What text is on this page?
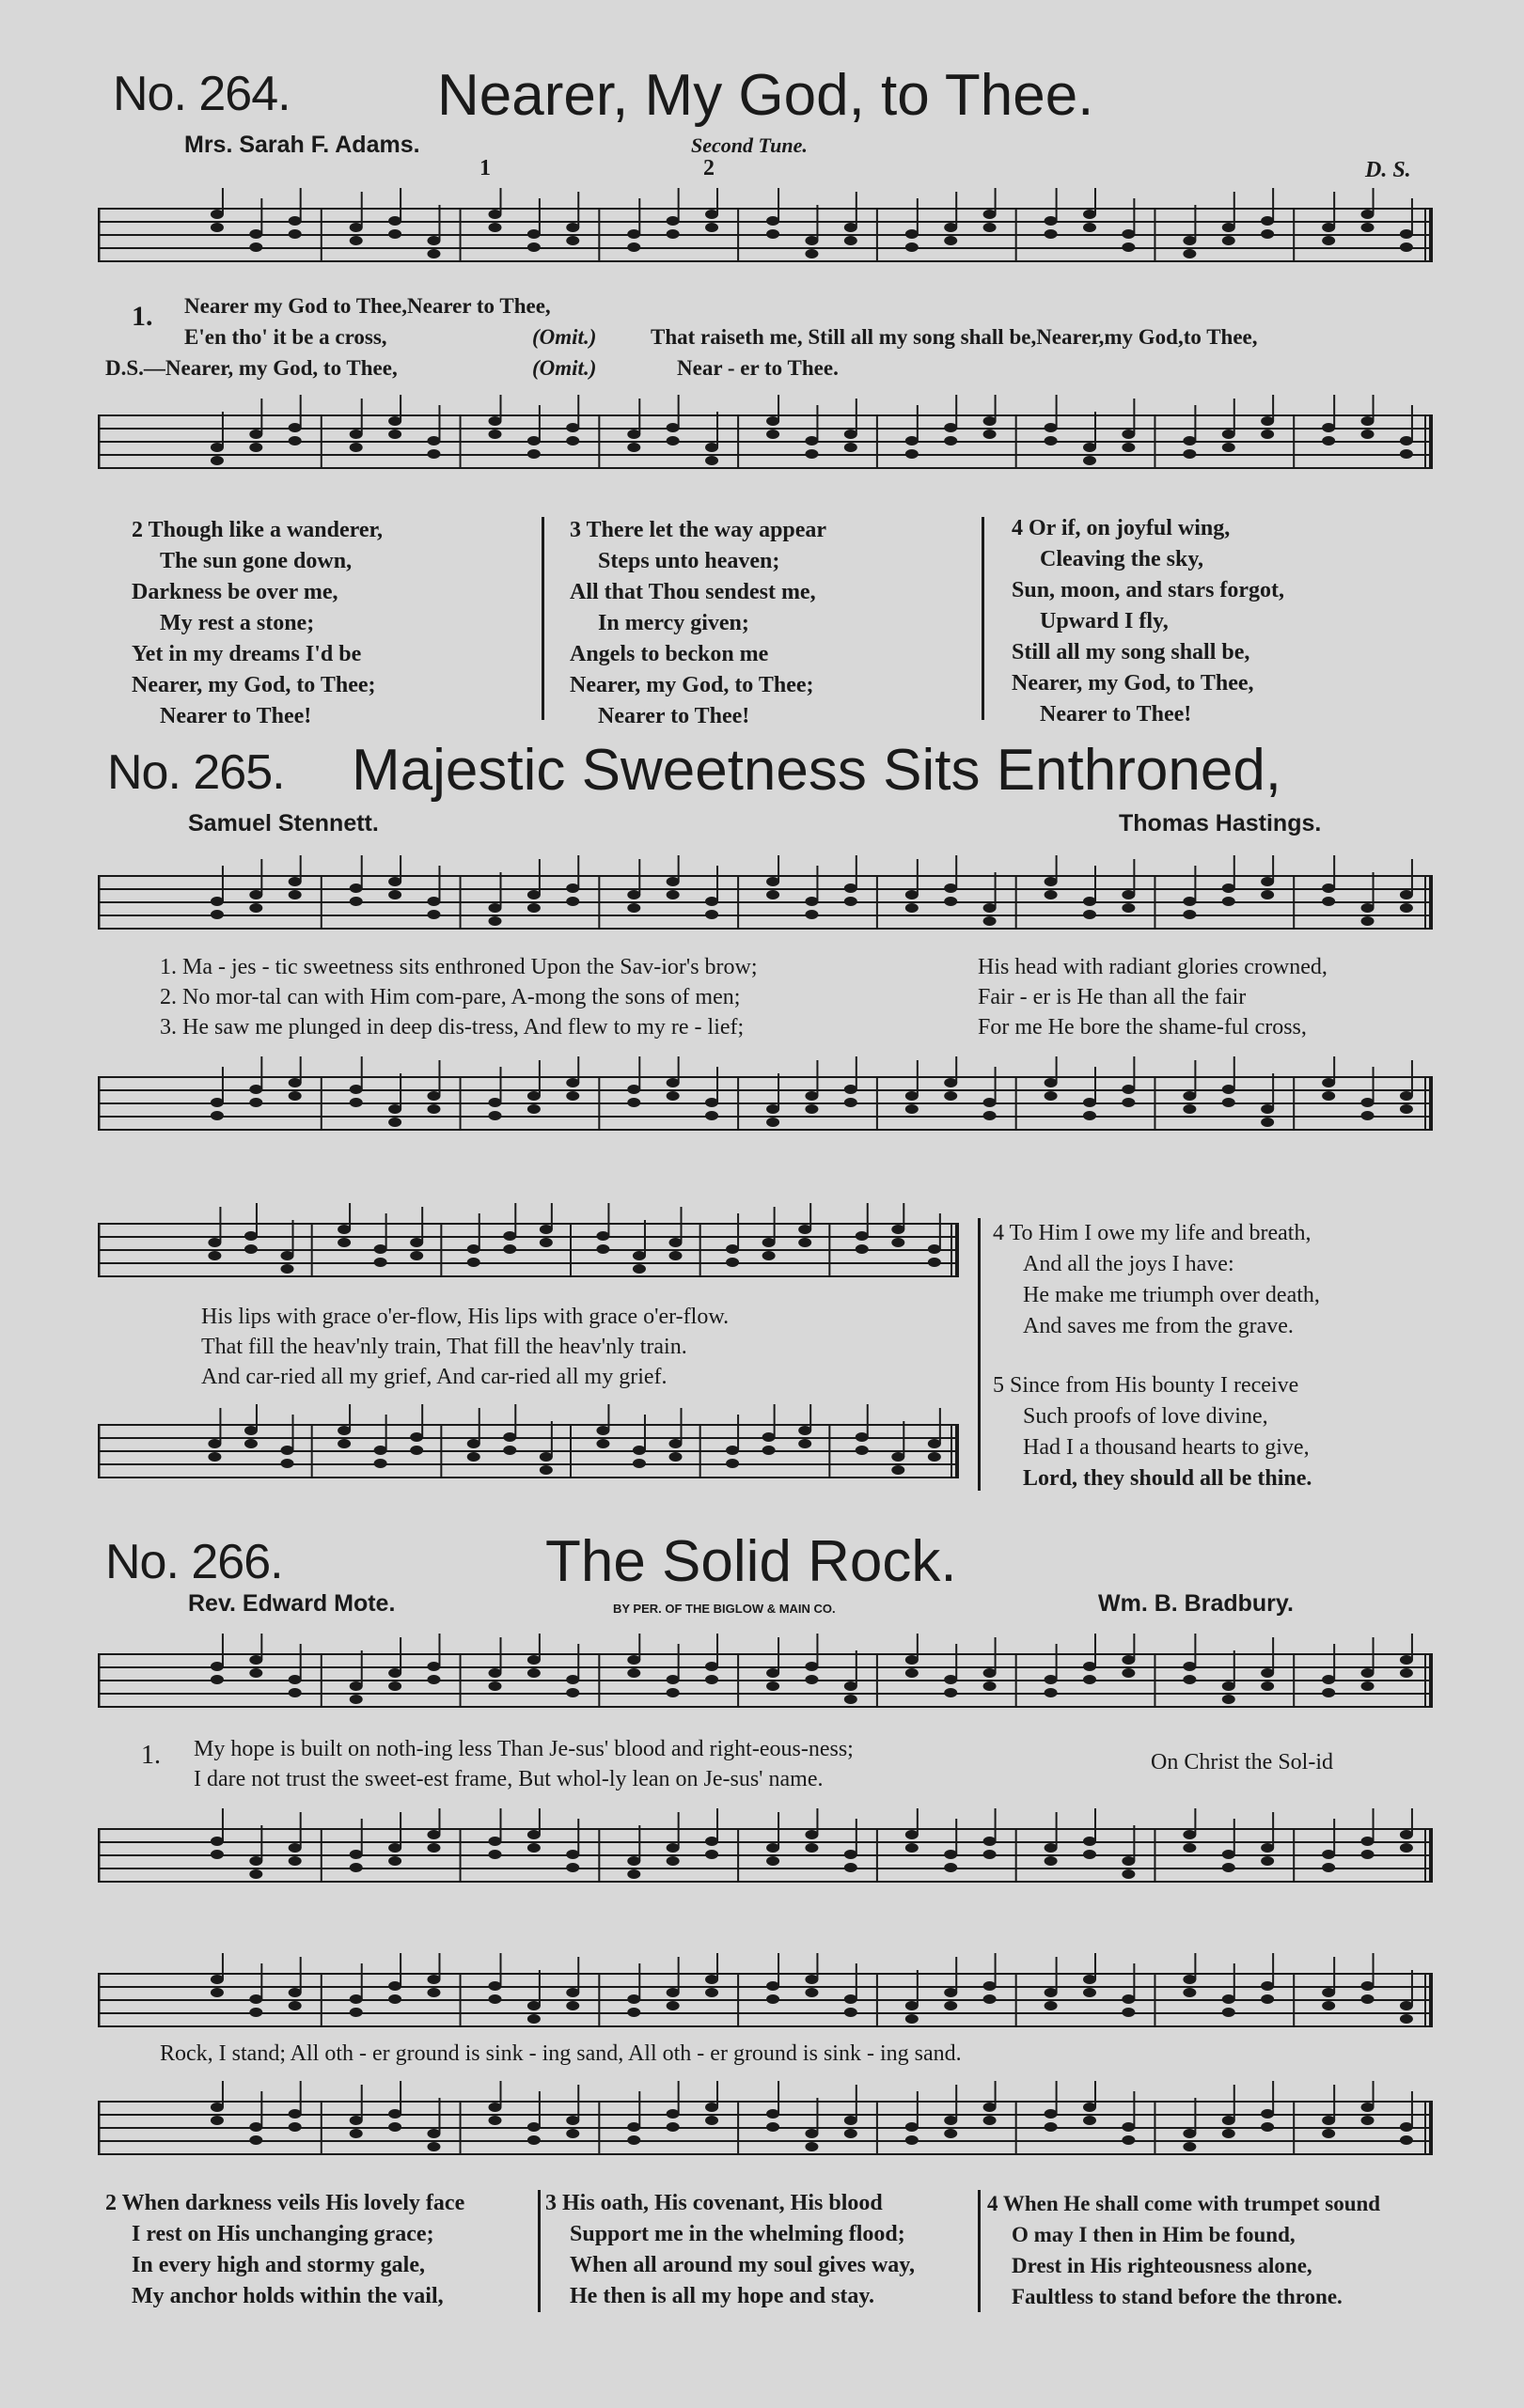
No. 264.	Nearer, My God, to Thee.
Mrs. Sarah F. Adams.	Second Tune.
1	2	D. S.
1. Nearer my God to Thee,Nearer to Thee,
E'en tho' it be a cross,	(Omit.)	That raiseth me, Still all my song shall be,Nearer,my God,to Thee,
D.S.—Nearer, my God, to Thee,	(Omit.)	Near - er to Thee.
2 Though like a wanderer,
The sun gone down,
Darkness be over me,
My rest a stone;
Yet in my dreams I'd be
Nearer, my God, to Thee;
Nearer to Thee!
3 There let the way appear
Steps unto heaven;
All that Thou sendest me,
In mercy given;
Angels to beckon me
Nearer, my God, to Thee;
Nearer to Thee!
4 Or if, on joyful wing,
Cleaving the sky,
Sun, moon, and stars forgot,
Upward I fly,
Still all my song shall be,
Nearer, my God, to Thee,
Nearer to Thee!
No. 265. Majestic Sweetness Sits Enthroned,
Samuel Stennett.	Thomas Hastings.
1. Ma - jes - tic sweetness sits enthroned Upon the Sav-ior's brow;	His head with radiant glories crowned,
2. No mor-tal can with Him com-pare, A-mong the sons of men;	Fair - er is He than all the fair
3. He saw me plunged in deep dis-tress, And flew to my re - lief;	For me He bore the shame-ful cross,
His lips with grace o'er-flow, His lips with grace o'er-flow.
That fill the heav'nly train, That fill the heav'nly train.
And car-ried all my grief, And car-ried all my grief.
4 To Him I owe my life and breath,
And all the joys I have:
He make me triumph over death,
And saves me from the grave.
5 Since from His bounty I receive
Such proofs of love divine,
Had I a thousand hearts to give,
Lord, they should all be thine.
No. 266.	The Solid Rock.
Rev. Edward Mote.	BY PER. OF THE BIGLOW & MAIN CO.	Wm. B. Bradbury.
1. My hope is built on noth-ing less Than Je-sus' blood and right-eous-ness;
I dare not trust the sweet-est frame, But whol-ly lean on Je-sus' name.
On Christ the Sol-id
Rock, I stand; All oth - er ground is sink - ing sand, All oth - er ground is sink - ing sand.
2 When darkness veils His lovely face
I rest on His unchanging grace;
In every high and stormy gale,
My anchor holds within the vail,
3 His oath, His covenant, His blood
Support me in the whelming flood;
When all around my soul gives way,
He then is all my hope and stay.
4 When He shall come with trumpet sound
O may I then in Him be found,
Drest in His righteousness alone,
Faultless to stand before the throne.
